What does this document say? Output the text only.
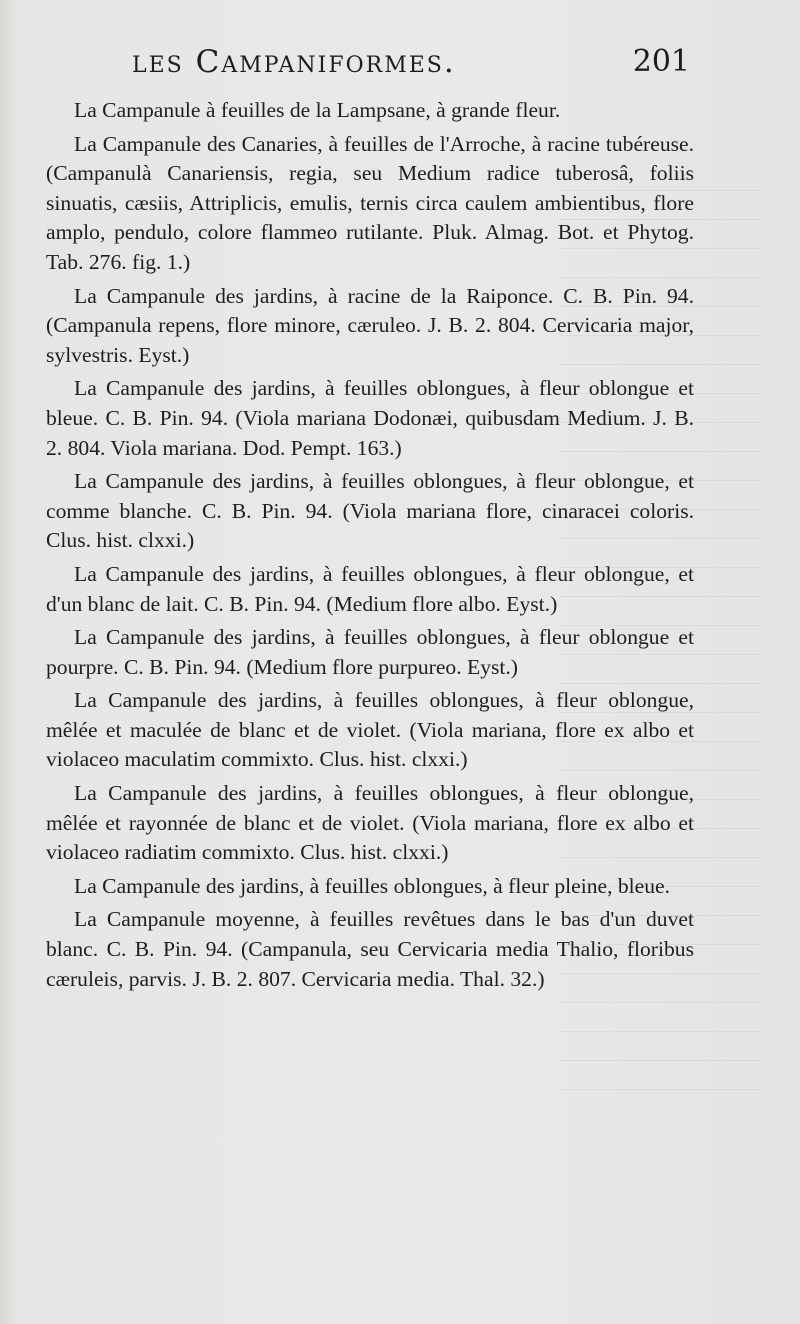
les Campaniformes.	201

La Campanule à feuilles de la Lampsane, à grande fleur.

La Campanule des Canaries, à feuilles de l'Arroche, à racine tubéreuse. (Campanulà Canariensis, regia, seu Medium radice tuberosâ, foliis sinuatis, cæsiis, Attriplicis, emulis, ternis circa caulem ambientibus, flore amplo, pendulo, colore flammeo rutilante. Pluk. Almag. Bot. et Phytog. Tab. 276. fig. 1.)

La Campanule des jardins, à racine de la Raiponce. C. B. Pin. 94. (Campanula repens, flore minore, cæruleo. J. B. 2. 804. Cervicaria major, sylvestris. Eyst.)

La Campanule des jardins, à feuilles oblongues, à fleur oblongue et bleue. C. B. Pin. 94. (Viola mariana Dodonæi, quibusdam Medium. J. B. 2. 804. Viola mariana. Dod. Pempt. 163.)

La Campanule des jardins, à feuilles oblongues, à fleur oblongue, et comme blanche. C. B. Pin. 94. (Viola mariana flore, cinaracei coloris. Clus. hist. clxxi.)

La Campanule des jardins, à feuilles oblongues, à fleur oblongue, et d'un blanc de lait. C. B. Pin. 94. (Medium flore albo. Eyst.)

La Campanule des jardins, à feuilles oblongues, à fleur oblongue et pourpre. C. B. Pin. 94. (Medium flore purpureo. Eyst.)

La Campanule des jardins, à feuilles oblongues, à fleur oblongue, mêlée et maculée de blanc et de violet. (Viola mariana, flore ex albo et violaceo maculatim commixto. Clus. hist. clxxi.)

La Campanule des jardins, à feuilles oblongues, à fleur oblongue, mêlée et rayonnée de blanc et de violet. (Viola mariana, flore ex albo et violaceo radiatim commixto. Clus. hist. clxxi.)

La Campanule des jardins, à feuilles oblongues, à fleur pleine, bleue.

La Campanule moyenne, à feuilles revêtues dans le bas d'un duvet blanc. C. B. Pin. 94. (Campanula, seu Cervicaria media Thalio, floribus cæruleis, parvis. J. B. 2. 807. Cervicaria media. Thal. 32.)
